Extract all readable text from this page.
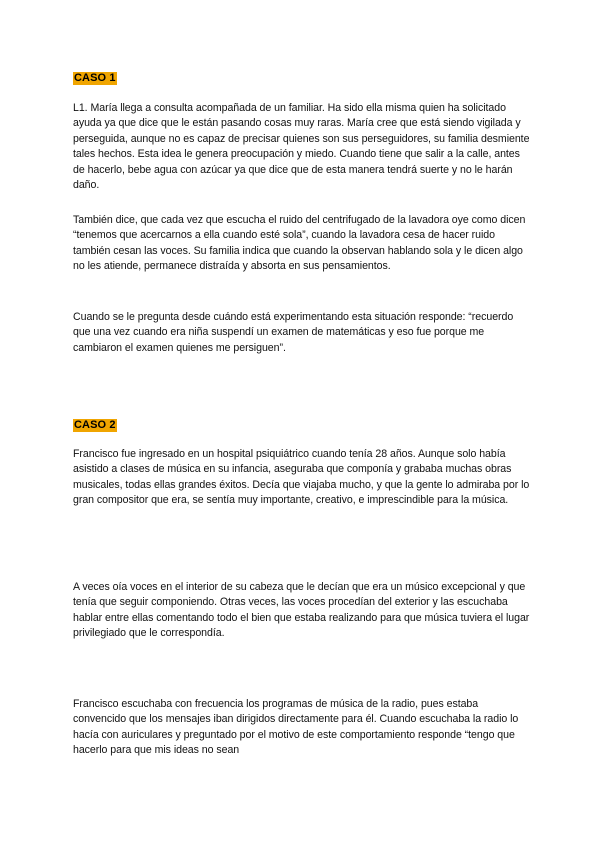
CASO 1
L1. María llega a consulta acompañada de un familiar. Ha sido ella misma quien ha solicitado ayuda ya que dice que le están pasando cosas muy raras. María cree que está siendo vigilada y perseguida, aunque no es capaz de precisar quienes son sus perseguidores, su familia desmiente tales hechos. Esta idea le genera preocupación y miedo. Cuando tiene que salir a la calle, antes de hacerlo, bebe agua con azúcar ya que dice que de esta manera tendrá suerte y no le harán daño.
También dice, que cada vez que escucha el ruido del centrifugado de la lavadora oye como dicen “tenemos que acercarnos a ella cuando esté sola”, cuando la lavadora cesa de hacer ruido también cesan las voces. Su familia indica que cuando la observan hablando sola y le dicen algo no les atiende, permanece distraída y absorta en sus pensamientos.
Cuando se le pregunta desde cuándo está experimentando esta situación responde: “recuerdo que una vez cuando era niña suspendí un examen de matemáticas y eso fue porque me cambiaron el examen quienes me persiguen”.
CASO 2
Francisco fue ingresado en un hospital psiquiátrico cuando tenía 28 años. Aunque solo había asistido a clases de música en su infancia, aseguraba que componía y grababa muchas obras musicales, todas ellas grandes éxitos. Decía que viajaba mucho, y que la gente lo admiraba por lo gran compositor que era, se sentía muy importante, creativo, e imprescindible para la música.
A veces oía voces en el interior de su cabeza que le decían que era un músico excepcional y que tenía que seguir componiendo. Otras veces, las voces procedían del exterior y las escuchaba hablar entre ellas comentando todo el bien que estaba realizando para que música tuviera el lugar privilegiado que le correspondía.
Francisco escuchaba con frecuencia los programas de música de la radio, pues estaba convencido que los mensajes iban dirigidos directamente para él. Cuando escuchaba la radio lo hacía con auriculares y preguntado por el motivo de este comportamiento responde “tengo que hacerlo para que mis ideas no sean
